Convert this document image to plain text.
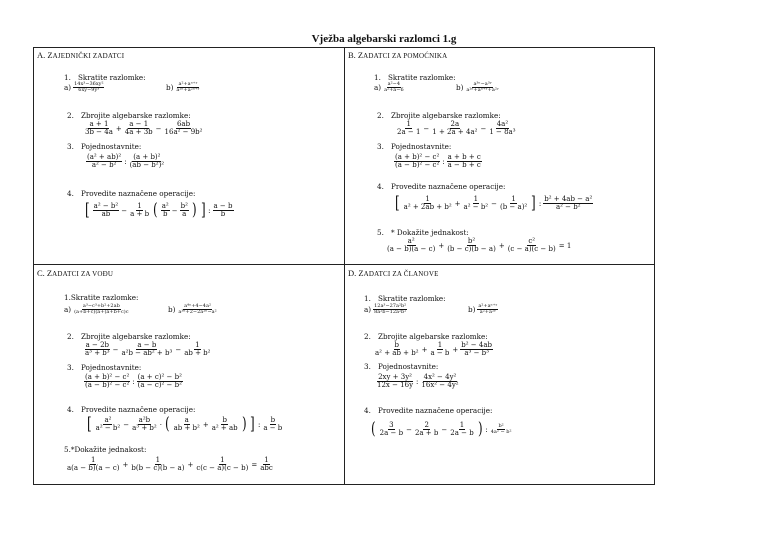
Vježba algebarski razlomci 1.g
A. ZAJEDNIČKI ZADATCI
1. Skratite razlomke:
$a) \frac{\text{14x³−36xy²}}{\text{6xy−9y³}}$	$b) \frac{\text{a²+aⁿ⁺ʸ}}{\text{a²ⁿ+a²ⁿ⁺ʸ}}$
2. Zbrojite algebarske razlomke:
$\frac{a + 1}{3b - 4a} + \frac{a - 1}{4a + 3b} - \frac{6ab}{\text{16a² − 9b²}}$
3. Pojednostavnite:
$\frac{\text{(a² + ab)²}}{\text{a² − b²}}$ : $\frac{\text{(a + b)²}}{\text{(ab − b²)²}}$
4. Provedite naznačene operacije:
[ $\frac{\text{a² − b²}}{ab} - \frac{1}{a + b}$ ( $\frac{\text{a²}}{b} - \frac{\text{b²}}{a}$ ) ] : $\frac{a - b}{b}$
B. ZADATCI ZA POMOĆNIKA
1. Skratite razlomke:
$a) \frac{\text{a²−4}}{\text{a²+a−6}}$	$b) \frac{\text{a³ⁿ−a³ʸ}}{\text{a²ⁿ+aⁿ⁺ʸ+a²ʸ}}$
2. Zbrojite algebarske razlomke:
$\frac{1}{2a - 1} - \frac{2a}{\text{1 + 2a + 4a²}} - \frac{\text{4a²}}{\text{1 − 8a³}}$
3. Pojednostavnite:
$\frac{\text{(a + b)² − c²}}{\text{(a − b)² − c²}}$ : $\frac{a + b + c}{a - b + c}$
4. Provedite naznačene operacije:
[ $\frac{1}{\text{a² + 2ab + b²}} + \frac{1}{\text{a² − b²}} - \frac{1}{\text{(b − a)²}}$ ] : $\frac{\text{b² + 4ab − a²}}{\text{a² − b²}}$
5. * Dokažite jednakost:
$\frac{\text{a²}}{(a - b)(a - c)} + \frac{\text{b²}}{(b - c)(b - a)} + \frac{\text{c²}}{(c - a)(c - b)} = 1$
C. ZADATCI ZA VOĐU
1.Skratite razlomke:
$a) \frac{\text{a³−c³+b²+2ab}}{(a+b+c)(a+(a+b+c)c}$	$b) \frac{\text{a⁴ⁿ+4−4a²}}{\text{a³ⁿ+2−2a²ⁿ−a²}}$
2. Zbrojite algebarske razlomke:
$\frac{a - 2b}{\text{a³ + b³}} - \frac{a - b}{\text{a²b − ab² + b³}} - \frac{1}{\text{ab + b²}}$
3. Pojednostavnite:
$\frac{\text{(a + b)² − c²}}{\text{(a − b)² − c²}}$ : $\frac{\text{(a + c)² − b²}}{\text{(a − c)² − b²}}$
4. Provedite naznačene operacije:
[ $\frac{\text{a²}}{\text{a² − b²}} - \frac{\text{a²b}}{\text{a³ + b²}}$ · ( $\frac{a}{\text{ab + b²}} + \frac{b}{\text{a² + ab}}$ ) ] : $\frac{b}{a - b}$
5.*Dokažite jednakost:
$\frac{1}{a(a - b)(a - c)} + \frac{1}{b(b - c)(b - a)} + \frac{1}{c(c - a)(c - b)} = \frac{1}{\text{abc}}$
D. ZADATCI ZA ČLANOVE
1. Skratite razlomke:
$a) \frac{\text{12a³−27a²b²}}{\text{8a²b−12a²b²}}$	$b) \frac{\text{a²+aⁿ⁺ʸ}}{\text{a²+a²ʸ}}$
2. Zbrojite algebarske razlomke:
$\frac{b}{\text{a² + ab + b²}} + \frac{1}{a - b} + \frac{\text{b² − 4ab}}{\text{a³ − b³}}$
3. Pojednostavnite:
$\frac{\text{2xy + 3y²}}{12x - 16y}$ : $\frac{\text{4x² − 4y²}}{\text{16x² − 4y²}}$
4. Provedite naznačene operacije:
( $\frac{3}{2a - b} - \frac{2}{2a + b} - \frac{1}{2a - b}$ ) : $\frac{\text{b²}}{\text{4a² − b²}}$
